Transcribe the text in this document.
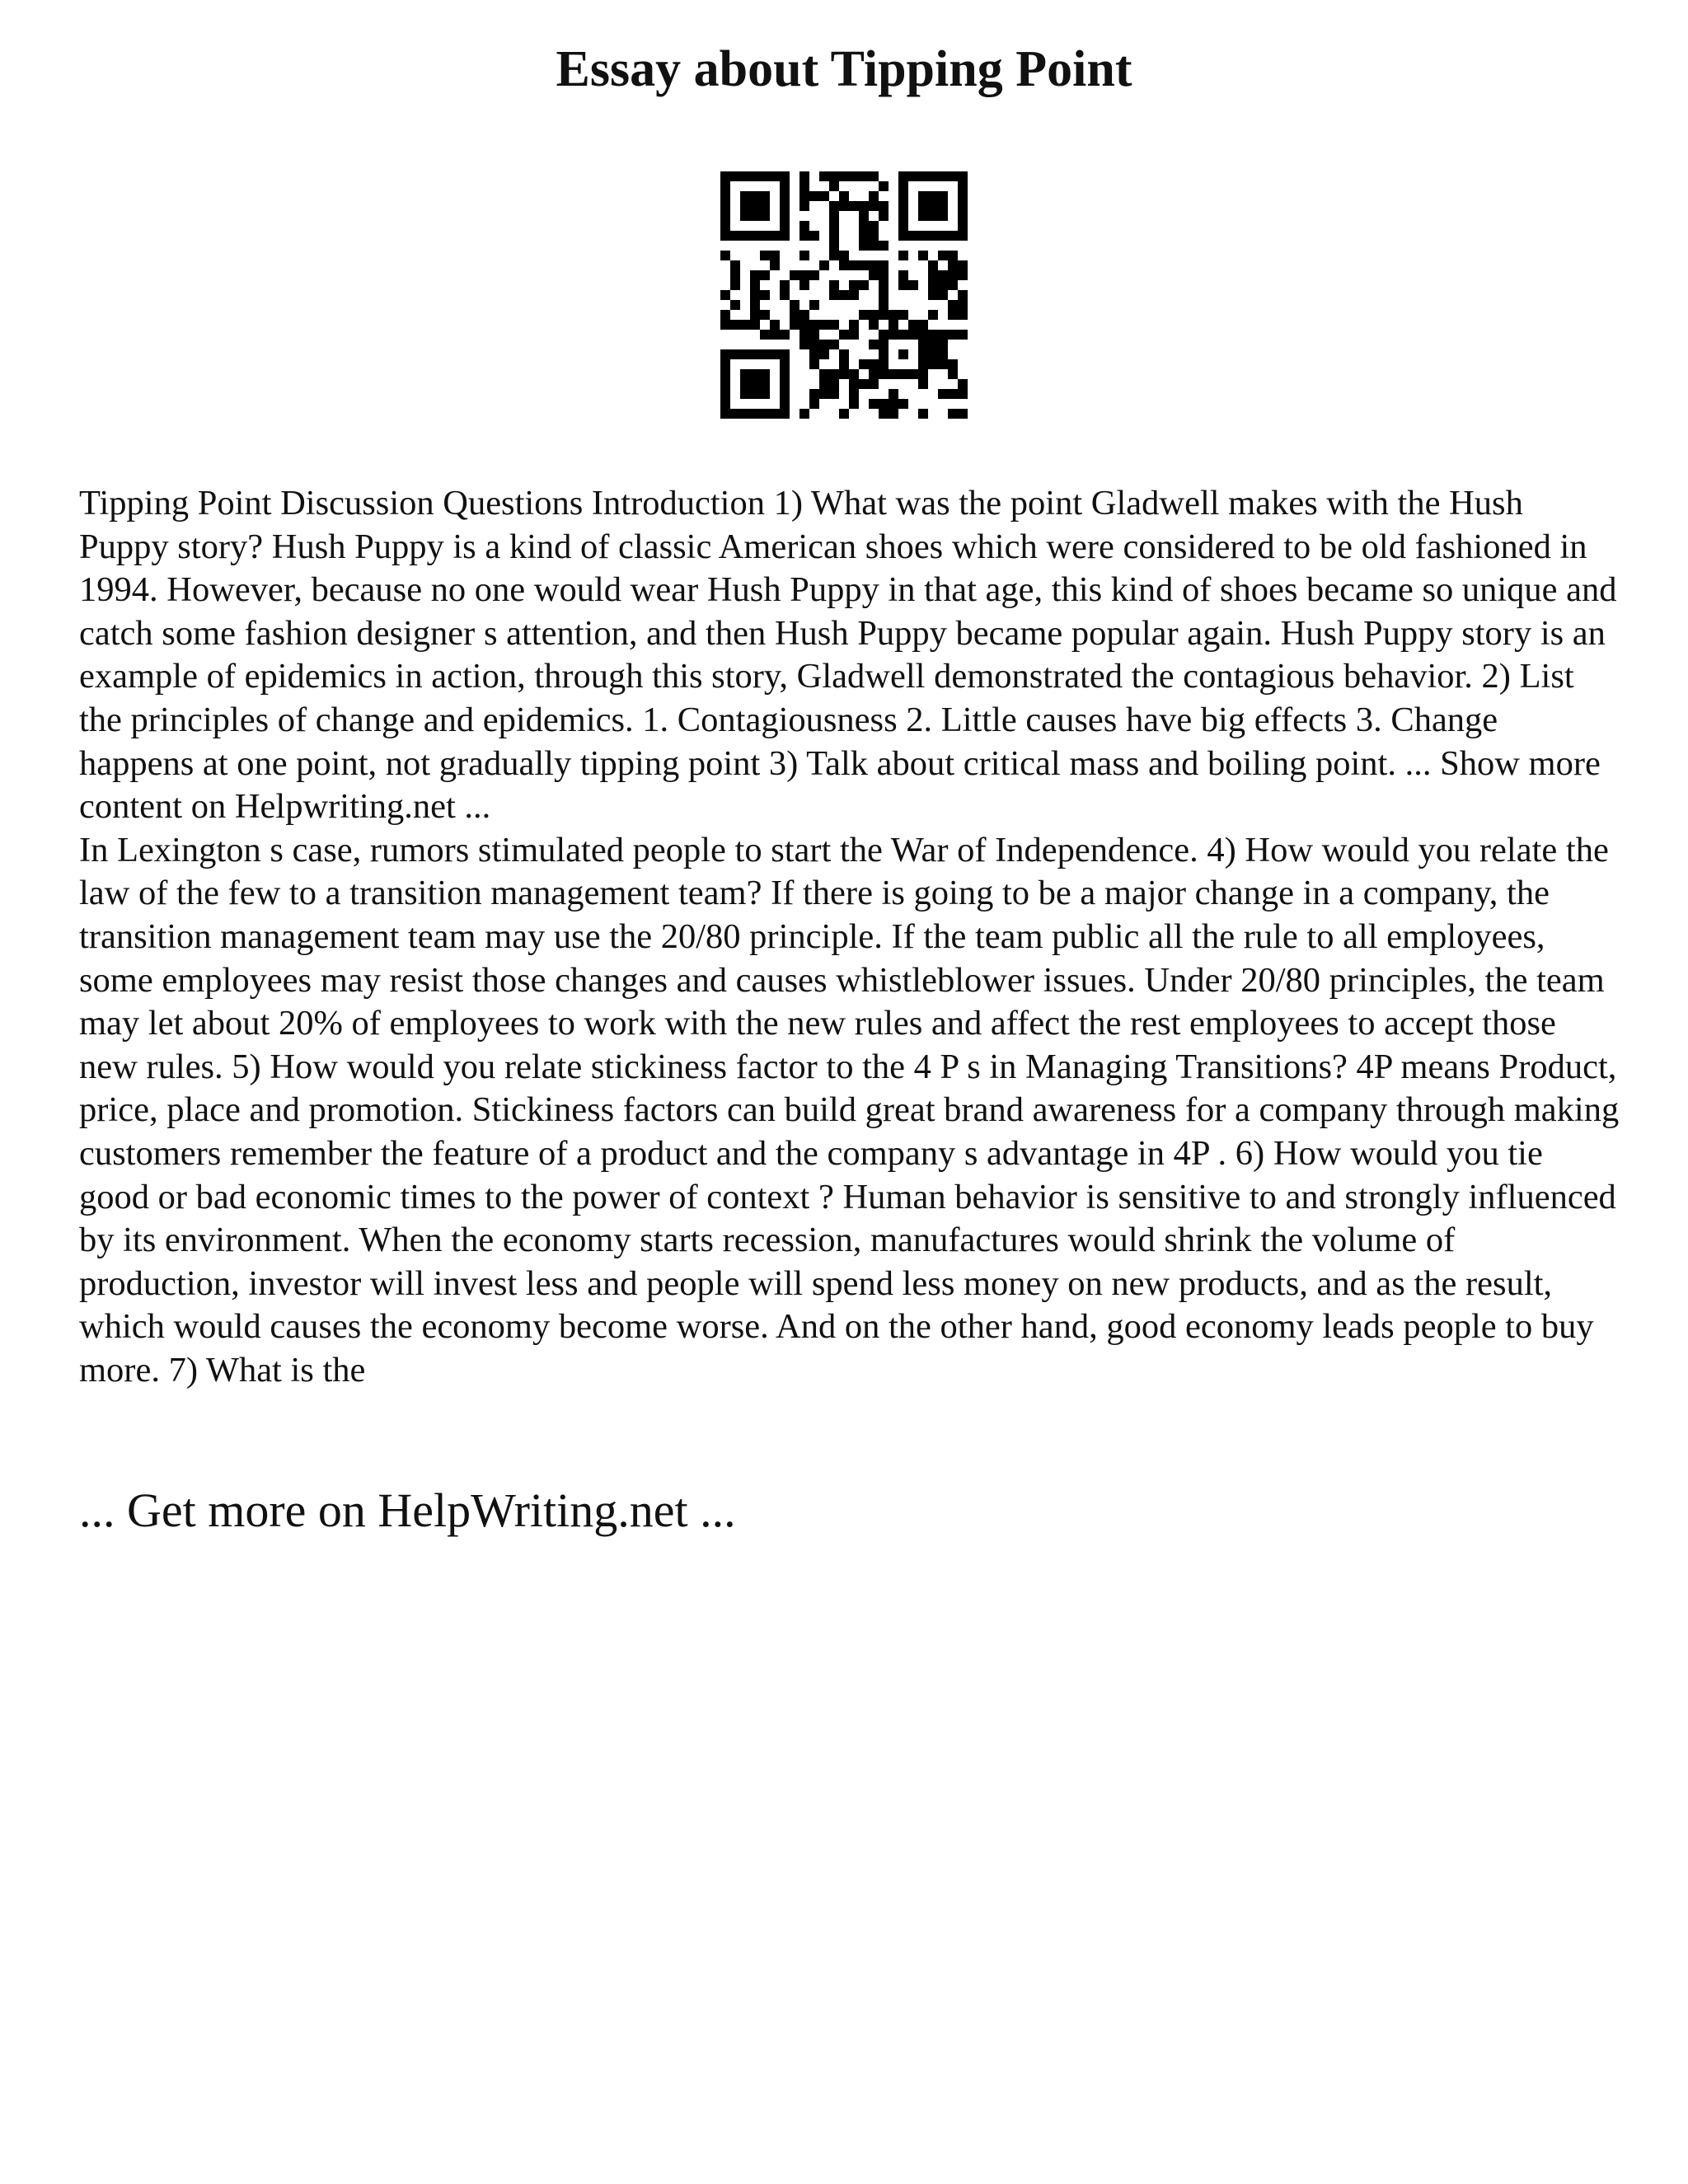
Essay about Tipping Point

Tipping Point Discussion Questions Introduction 1) What was the point Gladwell makes with the Hush Puppy story? Hush Puppy is a kind of classic American shoes which were considered to be old fashioned in 1994. However, because no one would wear Hush Puppy in that age, this kind of shoes became so unique and catch some fashion designer s attention, and then Hush Puppy became popular again. Hush Puppy story is an example of epidemics in action, through this story, Gladwell demonstrated the contagious behavior. 2) List the principles of change and epidemics. 1. Contagiousness 2. Little causes have big effects 3. Change happens at one point, not gradually tipping point 3) Talk about critical mass and boiling point. ... Show more content on Helpwriting.net ...

In Lexington s case, rumors stimulated people to start the War of Independence. 4) How would you relate the law of the few to a transition management team? If there is going to be a major change in a company, the transition management team may use the 20/80 principle. If the team public all the rule to all employees, some employees may resist those changes and causes whistleblower issues. Under 20/80 principles, the team may let about 20% of employees to work with the new rules and affect the rest employees to accept those new rules. 5) How would you relate stickiness factor to the 4 P s in Managing Transitions? 4P means Product, price, place and promotion. Stickiness factors can build great brand awareness for a company through making customers remember the feature of a product and the company s advantage in 4P . 6) How would you tie good or bad economic times to the power of context ? Human behavior is sensitive to and strongly influenced by its environment. When the economy starts recession, manufactures would shrink the volume of production, investor will invest less and people will spend less money on new products, and as the result, which would causes the economy become worse. And on the other hand, good economy leads people to buy more. 7) What is the

... Get more on HelpWriting.net ...
